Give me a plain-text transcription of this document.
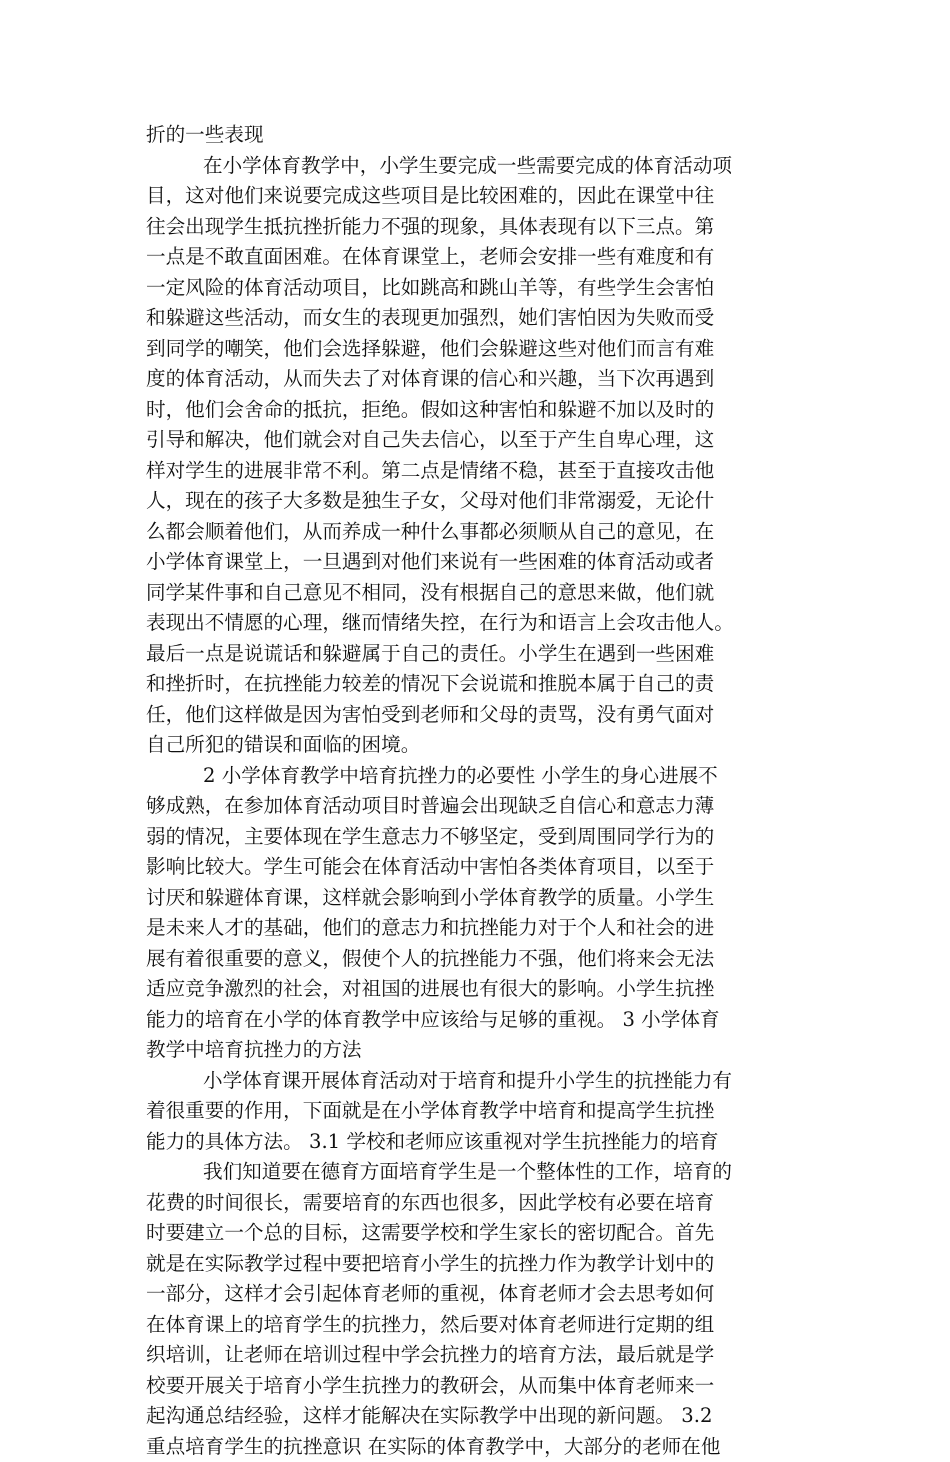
折的一些表现
在小学体育教学中，小学生要完成一些需要完成的体育活动项
目，这对他们来说要完成这些项目是比较困难的，因此在课堂中往
往会出现学生抵抗挫折能力不强的现象，具体表现有以下三点。第
一点是不敢直面困难。在体育课堂上，老师会安排一些有难度和有
一定风险的体育活动项目，比如跳高和跳山羊等，有些学生会害怕
和躲避这些活动，而女生的表现更加强烈，她们害怕因为失败而受
到同学的嘲笑，他们会选择躲避，他们会躲避这些对他们而言有难
度的体育活动，从而失去了对体育课的信心和兴趣，当下次再遇到
时，他们会舍命的抵抗，拒绝。假如这种害怕和躲避不加以及时的
引导和解决，他们就会对自己失去信心，以至于产生自卑心理，这
样对学生的进展非常不利。第二点是情绪不稳，甚至于直接攻击他
人，现在的孩子大多数是独生子女，父母对他们非常溺爱，无论什
么都会顺着他们，从而养成一种什么事都必须顺从自己的意见，在
小学体育课堂上，一旦遇到对他们来说有一些困难的体育活动或者
同学某件事和自己意见不相同，没有根据自己的意思来做，他们就
表现出不情愿的心理，继而情绪失控，在行为和语言上会攻击他人。
最后一点是说谎话和躲避属于自己的责任。小学生在遇到一些困难
和挫折时，在抗挫能力较差的情况下会说谎和推脱本属于自己的责
任，他们这样做是因为害怕受到老师和父母的责骂，没有勇气面对
自己所犯的错误和面临的困境。
2 小学体育教学中培育抗挫力的必要性 小学生的身心进展不
够成熟，在参加体育活动项目时普遍会出现缺乏自信心和意志力薄
弱的情况，主要体现在学生意志力不够坚定，受到周围同学行为的
影响比较大。学生可能会在体育活动中害怕各类体育项目，以至于
讨厌和躲避体育课，这样就会影响到小学体育教学的质量。小学生
是未来人才的基础，他们的意志力和抗挫能力对于个人和社会的进
展有着很重要的意义，假使个人的抗挫能力不强，他们将来会无法
适应竞争激烈的社会，对祖国的进展也有很大的影响。小学生抗挫
能力的培育在小学的体育教学中应该给与足够的重视。 3 小学体育
教学中培育抗挫力的方法
小学体育课开展体育活动对于培育和提升小学生的抗挫能力有
着很重要的作用，下面就是在小学体育教学中培育和提高学生抗挫
能力的具体方法。 3.1 学校和老师应该重视对学生抗挫能力的培育
我们知道要在德育方面培育学生是一个整体性的工作，培育的
花费的时间很长，需要培育的东西也很多，因此学校有必要在培育
时要建立一个总的目标，这需要学校和学生家长的密切配合。首先
就是在实际教学过程中要把培育小学生的抗挫力作为教学计划中的
一部分，这样才会引起体育老师的重视，体育老师才会去思考如何
在体育课上的培育学生的抗挫力，然后要对体育老师进行定期的组
织培训，让老师在培训过程中学会抗挫力的培育方法，最后就是学
校要开展关于培育小学生抗挫力的教研会，从而集中体育老师来一
起沟通总结经验，这样才能解决在实际教学中出现的新问题。 3.2
重点培育学生的抗挫意识 在实际的体育教学中，大部分的老师在他
